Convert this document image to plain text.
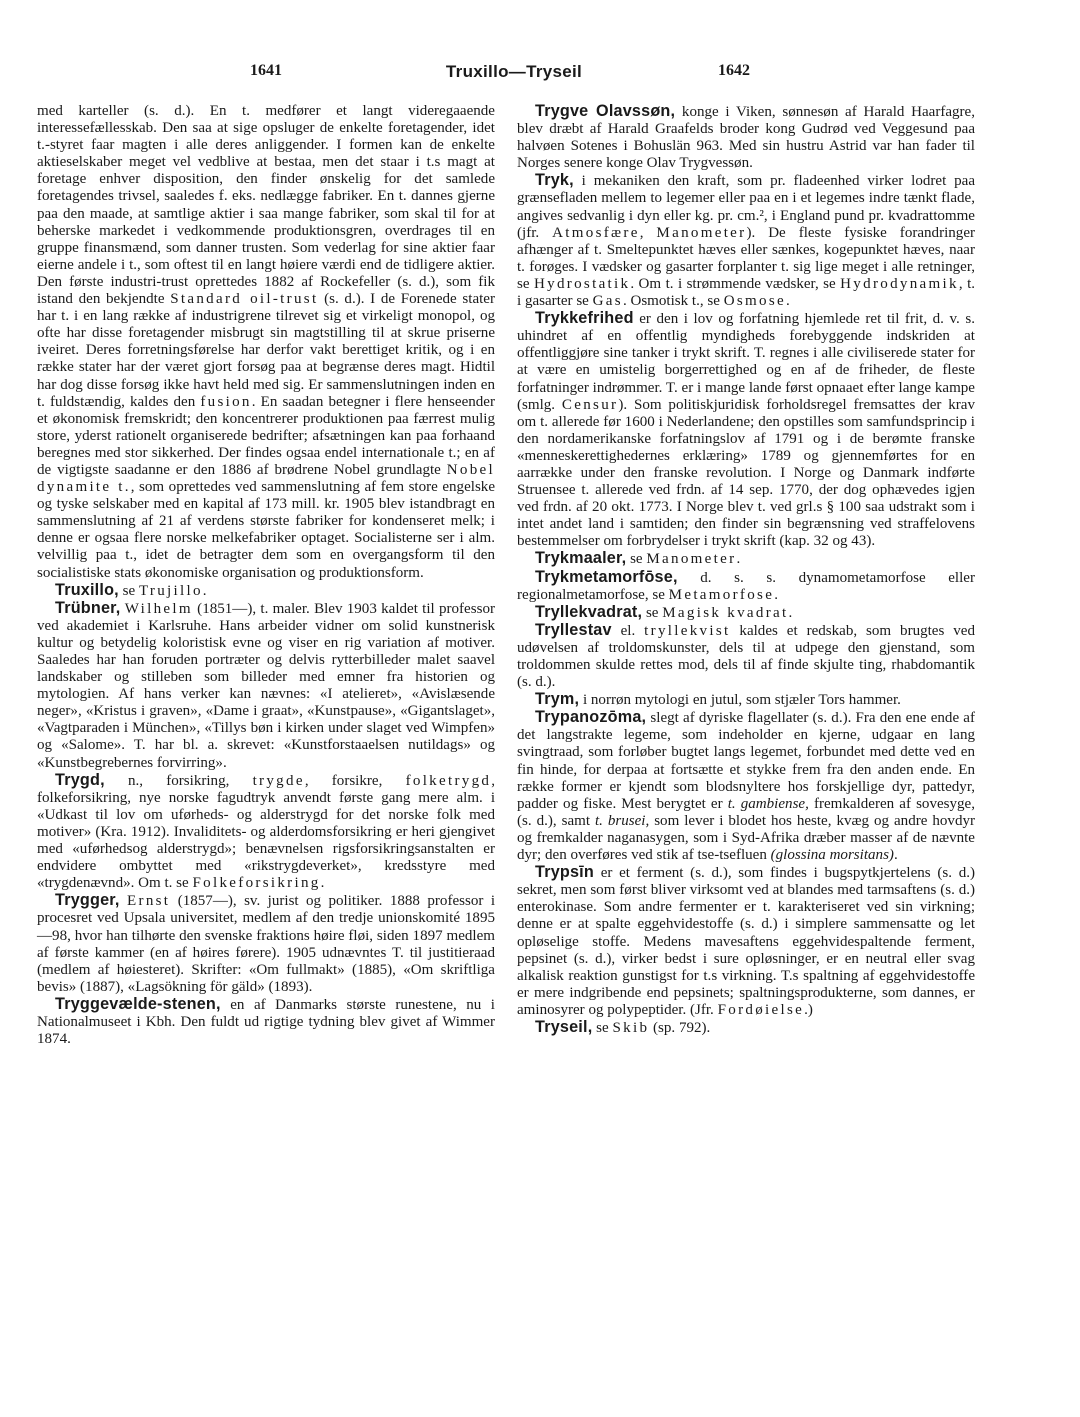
1641	Truxillo—Tryseil	1642

med karteller (s. d.). En t. medfører et langt videregaaende interessefællesskab. Den saa at sige opsluger de enkelte foretagender, idet t.-styret faar magten i alle deres anliggender. I formen kan de enkelte aktieselskaber meget vel vedblive at bestaa, men det staar i t.s magt at foretage enhver disposition, den finder ønskelig for det samlede foretagendes trivsel, saaledes f. eks. nedlægge fabriker. En t. dannes gjerne paa den maade, at samtlige aktier i saa mange fabriker, som skal til for at beherske markedet i vedkommende produktionsgren, overdrages til en gruppe finansmænd, som danner trusten. Som vederlag for sine aktier faar eierne andele i t., som oftest til en langt høiere værdi end de tidligere aktier. Den første industri-trust oprettedes 1882 af Rockefeller (s. d.), som fik istand den bekjendte Standard oil-trust (s. d.). I de Forenede stater har t. i en lang række af industrigrene tilrevet sig et virkeligt monopol, og ofte har disse foretagender misbrugt sin magtstilling til at skrue priserne iveiret. Deres forretningsførelse har derfor vakt berettiget kritik, og i en række stater har der været gjort forsøg paa at begrænse deres magt. Hidtil har dog disse forsøg ikke havt held med sig. Er sammenslutningen inden en t. fuldstændig, kaldes den fusion. En saadan betegner i flere henseender et økonomisk fremskridt; den koncentrerer produktionen paa færrest mulig store, yderst rationelt organiserede bedrifter; afsætningen kan paa forhaand beregnes med stor sikkerhed. Der findes ogsaa endel internationale t.; en af de vigtigste saadanne er den 1886 af brødrene Nobel grundlagte Nobel dynamite t., som oprettedes ved sammenslutning af fem store engelske og tyske selskaber med en kapital af 173 mill. kr. 1905 blev istandbragt en sammenslutning af 21 af verdens største fabriker for kondenseret melk; i denne er ogsaa flere norske melkefabriker optaget. Socialisterne ser i alm. velvillig paa t., idet de betragter dem som en overgangsform til den socialistiske stats økonomiske organisation og produktionsform.

Truxillo, se Trujillo.

Trübner, Wilhelm (1851—), t. maler. Blev 1903 kaldet til professor ved akademiet i Karlsruhe. Hans arbeider vidner om solid kunstnerisk kultur og betydelig koloristisk evne og viser en rig variation af motiver. Saaledes har han foruden portræter og delvis rytterbilleder malet saavel landskaber og stilleben som billeder med emner fra historien og mytologien. Af hans verker kan nævnes: «I atelieret», «Avislæsende neger», «Kristus i graven», «Dame i graat», «Kunstpause», «Gigantslaget», «Vagtparaden i München», «Tillys bøn i kirken under slaget ved Wimpfen» og «Salome». T. har bl. a. skrevet: «Kunstforstaaelsen nutildags» og «Kunstbegrebernes forvirring».

Trygd, n., forsikring, trygde, forsikre, folketrygd, folkeforsikring, nye norske fagudtryk anvendt første gang mere alm. i «Udkast til lov om uførheds- og alderstrygd for det norske folk med motiver» (Kra. 1912). Invaliditets- og alderdomsforsikring er heri gjengivet med «uførhedsog alderstrygd»; benævnelsen rigsforsikringsanstalten er endvidere ombyttet med «rikstrygdeverket», kredsstyre med «trygdenævnd». Om t. se Folkeforsikring.

Trygger, Ernst (1857—), sv. jurist og politiker. 1888 professor i procesret ved Upsala universitet, medlem af den tredje unionskomité 1895—98, hvor han tilhørte den svenske fraktions høire fløi, siden 1897 medlem af første kammer (en af høires førere). 1905 udnævntes T. til justitieraad (medlem af høiesteret). Skrifter: «Om fullmakt» (1885), «Om skriftliga bevis» (1887), «Lagsökning för gäld» (1893).

Tryggevælde-stenen, en af Danmarks største runestene, nu i Nationalmuseet i Kbh. Den fuldt ud rigtige tydning blev givet af Wimmer 1874.

Trygve Olavssøn, konge i Viken, sønnesøn af Harald Haarfagre, blev dræbt af Harald Graafelds broder kong Gudrød ved Veggesund paa halvøen Sotenes i Bohuslän 963. Med sin hustru Astrid var han fader til Norges senere konge Olav Trygvessøn.

Tryk, i mekaniken den kraft, som pr. fladeenhed virker lodret paa grænsefladen mellem to legemer eller paa en i et legemes indre tænkt flade, angives sedvanlig i dyn eller kg. pr. cm.², i England pund pr. kvadrattomme (jfr. Atmosfære, Manometer). De fleste fysiske forandringer afhænger af t. Smeltepunktet hæves eller sænkes, kogepunktet hæves, naar t. forøges. I vædsker og gasarter forplanter t. sig lige meget i alle retninger, se Hydrostatik. Om t. i strømmende vædsker, se Hydrodynamik, t. i gasarter se Gas. Osmotisk t., se Osmose.

Trykkefrihed er den i lov og forfatning hjemlede ret til frit, d. v. s. uhindret af en offentlig myndigheds forebyggende indskriden at offentliggjøre sine tanker i trykt skrift. T. regnes i alle civiliserede stater for at være en umistelig borgerrettighed og en af de friheder, de fleste forfatninger indrømmer. T. er i mange lande først opnaaet efter lange kampe (smlg. Censur). Som politiskjuridisk forholdsregel fremsattes der krav om t. allerede før 1600 i Nederlandene; den opstilles som samfundsprincip i den nordamerikanske forfatningslov af 1791 og i de berømte franske «menneskerettighedernes erklæring» 1789 og gjennemførtes for en aarrække under den franske revolution. I Norge og Danmark indførte Struensee t. allerede ved frdn. af 14 sep. 1770, der dog ophævedes igjen ved frdn. af 20 okt. 1773. I Norge blev t. ved grl.s § 100 saa udstrakt som i intet andet land i samtiden; den finder sin begrænsning ved straffelovens bestemmelser om forbrydelser i trykt skrift (kap. 32 og 43).

Trykmaaler, se Manometer.

Trykmetamorfōse, d. s. s. dynamometamorfose eller regionalmetamorfose, se Metamorfose.

Tryllekvadrat, se Magisk kvadrat.

Tryllestav el. tryllekvist kaldes et redskab, som brugtes ved udøvelsen af troldomskunster, dels til at udpege den gjenstand, som troldommen skulde rettes mod, dels til af finde skjulte ting, rhabdomantik (s. d.).

Trym, i norrøn mytologi en jutul, som stjæler Tors hammer.

Trypanozōma, slegt af dyriske flagellater (s. d.). Fra den ene ende af det langstrakte legeme, som indeholder en kjerne, udgaar en lang svingtraad, som forløber bugtet langs legemet, forbundet med dette ved en fin hinde, for derpaa at fortsætte et stykke frem fra den anden ende. En række former er kjendt som blodsnyltere hos forskjellige dyr, pattedyr, padder og fiske. Mest berygtet er t. gambiense, fremkalderen af sovesyge, (s. d.), samt t. brusei, som lever i blodet hos heste, kvæg og andre hovdyr og fremkalder naganasygen, som i Syd-Afrika dræber masser af de nævnte dyr; den overføres ved stik af tse-tsefluen (glossina morsitans).

Trypsīn er et ferment (s. d.), som findes i bugspytkjertelens (s. d.) sekret, men som først bliver virksomt ved at blandes med tarmsaftens (s. d.) enterokinase. Som andre fermenter er t. karakteriseret ved sin virkning; denne er at spalte eggehvidestoffe (s. d.) i simplere sammensatte og let opløselige stoffe. Medens mavesaftens eggehvidespaltende ferment, pepsinet (s. d.), virker bedst i sure opløsninger, er en neutral eller svag alkalisk reaktion gunstigst for t.s virkning. T.s spaltning af eggehvidestoffe er mere indgribende end pepsinets; spaltningsprodukterne, som dannes, er aminosyrer og polypeptider. (Jfr. Fordøielse.)

Tryseil, se Skib (sp. 792).
